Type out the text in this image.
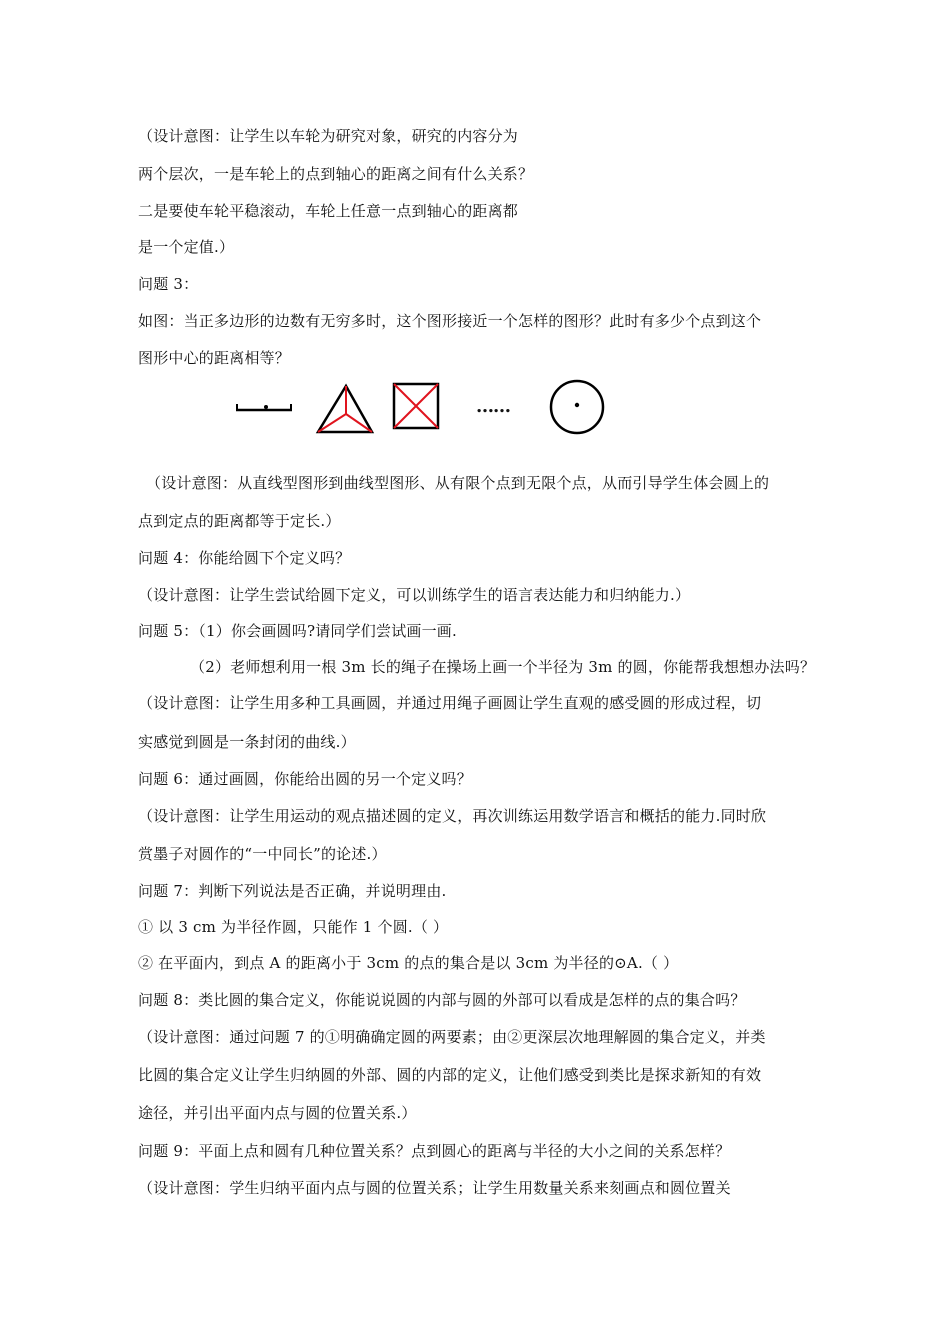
（设计意图：让学生以车轮为研究对象，研究的内容分为
两个层次，一是车轮上的点到轴心的距离之间有什么关系？
二是要使车轮平稳滚动，车轮上任意一点到轴心的距离都
是一个定值.）
问题 3：
如图：当正多边形的边数有无穷多时，这个图形接近一个怎样的图形？此时有多少个点到这个
图形中心的距离相等？
……
（设计意图：从直线型图形到曲线型图形、从有限个点到无限个点，从而引导学生体会圆上的
点到定点的距离都等于定长.）
问题 4：你能给圆下个定义吗？
（设计意图：让学生尝试给圆下定义，可以训练学生的语言表达能力和归纳能力.）
问题 5：（1）你会画圆吗?请同学们尝试画一画.
（2）老师想利用一根 3m 长的绳子在操场上画一个半径为 3m 的圆，你能帮我想想办法吗？
（设计意图：让学生用多种工具画圆，并通过用绳子画圆让学生直观的感受圆的形成过程，切
实感觉到圆是一条封闭的曲线.）
问题 6：通过画圆，你能给出圆的另一个定义吗？
（设计意图：让学生用运动的观点描述圆的定义，再次训练运用数学语言和概括的能力.同时欣
赏墨子对圆作的“一中同长”的论述.）
问题 7：判断下列说法是否正确，并说明理由.
① 以 3 cm 为半径作圆，只能作 1 个圆.（ ）
② 在平面内，到点 A 的距离小于 3cm 的点的集合是以 3cm 为半径的⊙A.（ ）
问题 8：类比圆的集合定义，你能说说圆的内部与圆的外部可以看成是怎样的点的集合吗？
（设计意图：通过问题 7 的①明确确定圆的两要素；由②更深层次地理解圆的集合定义，并类
比圆的集合定义让学生归纳圆的外部、圆的内部的定义，让他们感受到类比是探求新知的有效
途径，并引出平面内点与圆的位置关系.）
问题 9：平面上点和圆有几种位置关系？点到圆心的距离与半径的大小之间的关系怎样？
（设计意图：学生归纳平面内点与圆的位置关系；让学生用数量关系来刻画点和圆位置关
